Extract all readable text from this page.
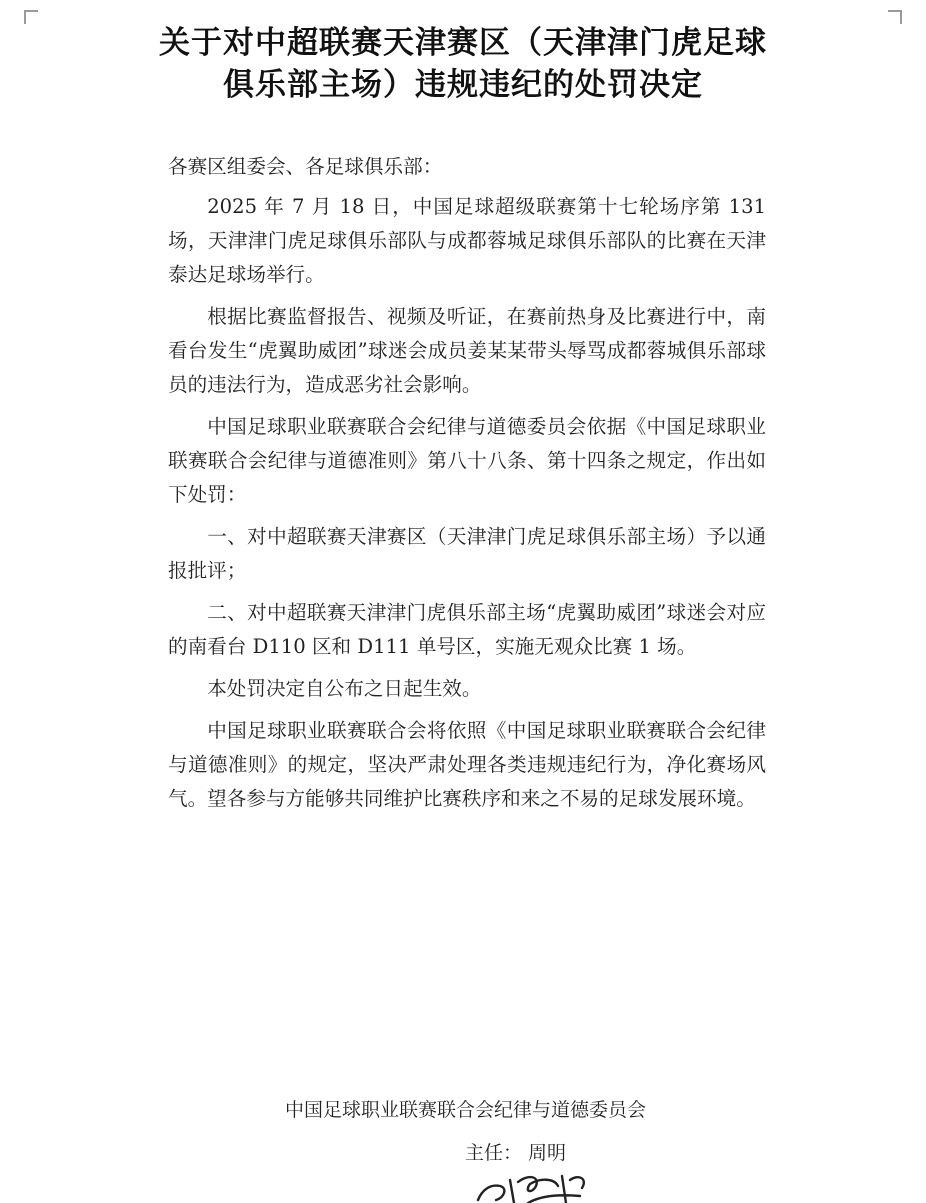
关于对中超联赛天津赛区（天津津门虎足球
俱乐部主场）违规违纪的处罚决定

各赛区组委会、各足球俱乐部：

2025 年 7 月 18 日，中国足球超级联赛第十七轮场序第 131 场，天津津门虎足球俱乐部队与成都蓉城足球俱乐部队的比赛在天津泰达足球场举行。

根据比赛监督报告、视频及听证，在赛前热身及比赛进行中，南看台发生“虎翼助威团”球迷会成员姜某某带头辱骂成都蓉城俱乐部球员的违法行为，造成恶劣社会影响。

中国足球职业联赛联合会纪律与道德委员会依据《中国足球职业联赛联合会纪律与道德准则》第八十八条、第十四条之规定，作出如下处罚：

一、对中超联赛天津赛区（天津津门虎足球俱乐部主场）予以通报批评；

二、对中超联赛天津津门虎俱乐部主场“虎翼助威团”球迷会对应的南看台 D110 区和 D111 单号区，实施无观众比赛 1 场。

本处罚决定自公布之日起生效。

中国足球职业联赛联合会将依照《中国足球职业联赛联合会纪律与道德准则》的规定，坚决严肃处理各类违规违纪行为，净化赛场风气。望各参与方能够共同维护比赛秩序和来之不易的足球发展环境。

中国足球职业联赛联合会纪律与道德委员会
主任： 周明
